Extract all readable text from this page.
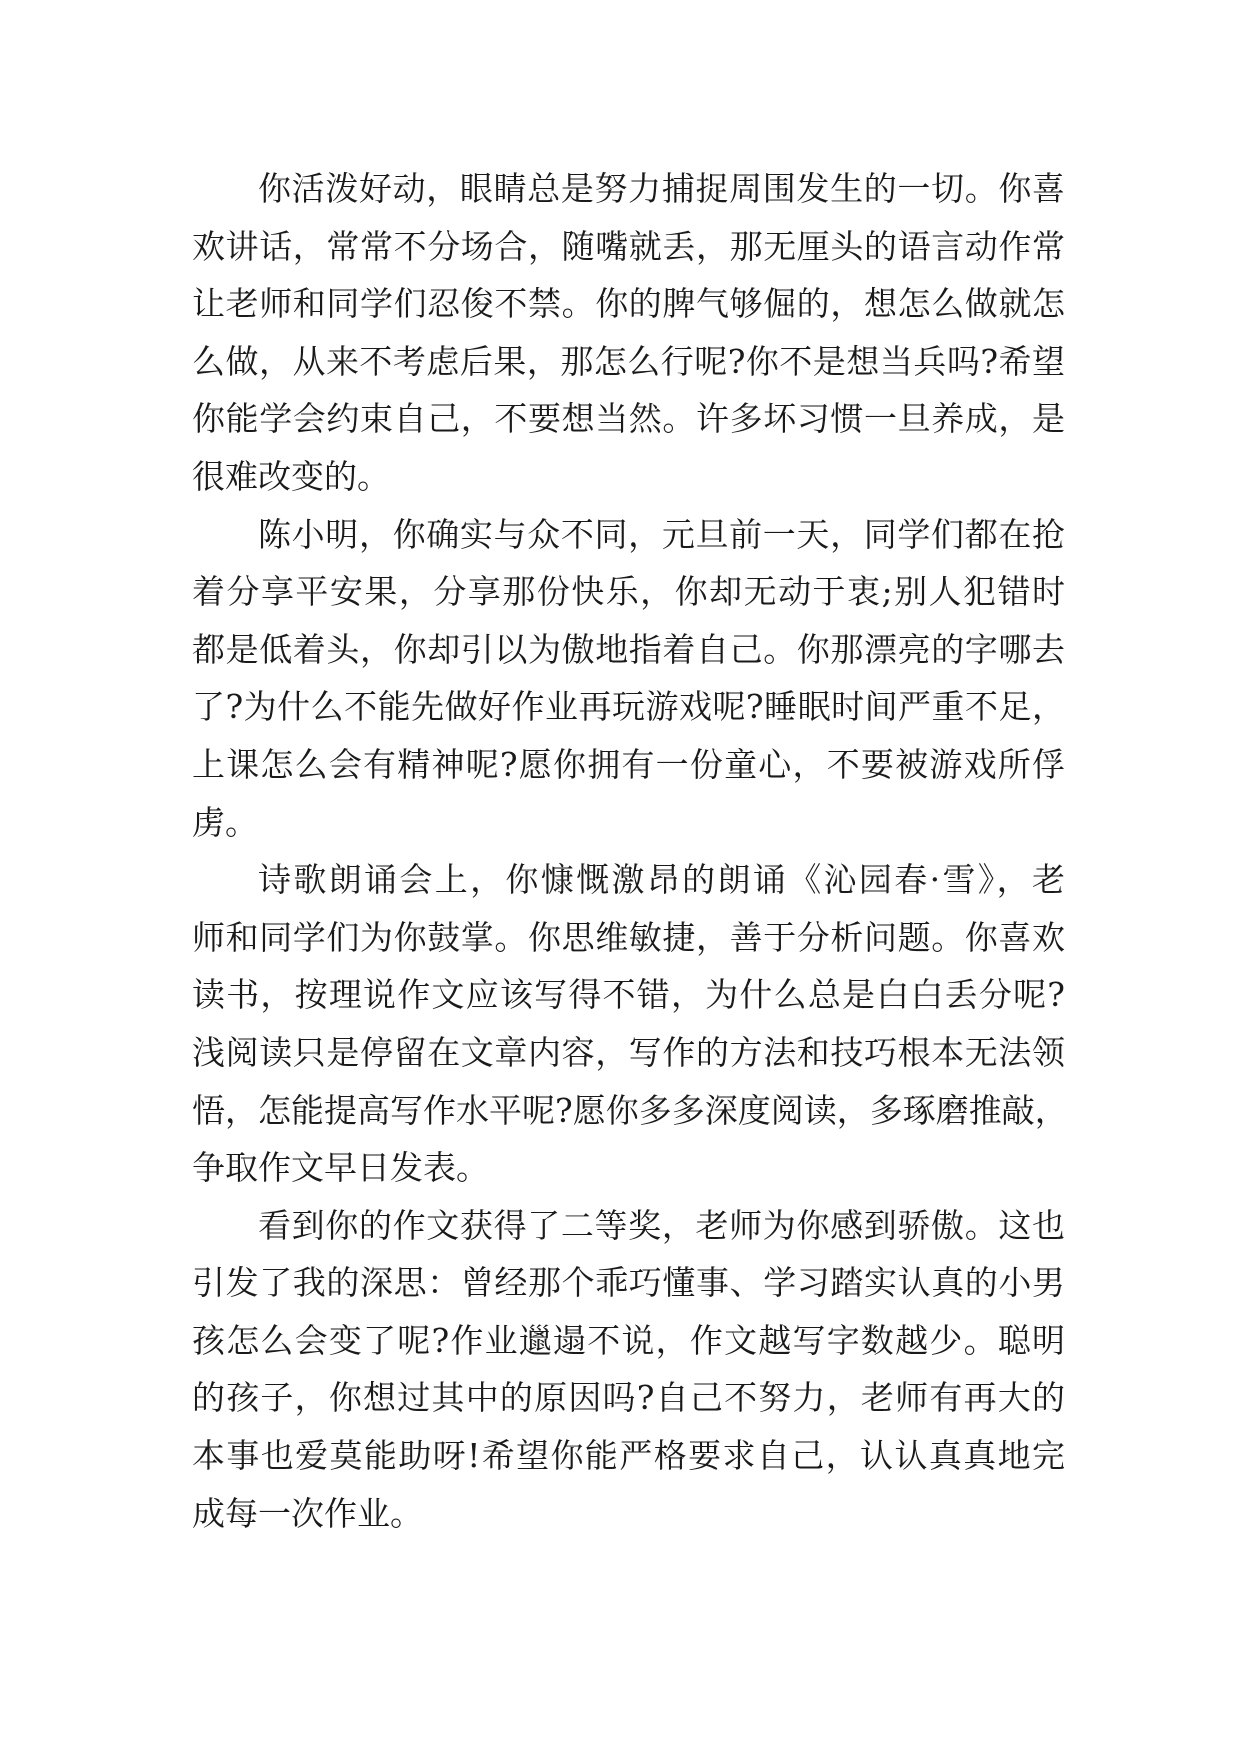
你活泼好动，眼睛总是努力捕捉周围发生的一切。你喜
欢讲话，常常不分场合，随嘴就丢，那无厘头的语言动作常
让老师和同学们忍俊不禁。你的脾气够倔的，想怎么做就怎
么做，从来不考虑后果，那怎么行呢?你不是想当兵吗?希望
你能学会约束自己，不要想当然。许多坏习惯一旦养成，是
很难改变的。
陈小明，你确实与众不同，元旦前一天，同学们都在抢
着分享平安果，分享那份快乐，你却无动于衷;别人犯错时
都是低着头，你却引以为傲地指着自己。你那漂亮的字哪去
了?为什么不能先做好作业再玩游戏呢?睡眠时间严重不足，
上课怎么会有精神呢?愿你拥有一份童心，不要被游戏所俘
虏。
诗歌朗诵会上，你慷慨激昂的朗诵《沁园春·雪》，老
师和同学们为你鼓掌。你思维敏捷，善于分析问题。你喜欢
读书，按理说作文应该写得不错，为什么总是白白丢分呢?
浅阅读只是停留在文章内容，写作的方法和技巧根本无法领
悟，怎能提高写作水平呢?愿你多多深度阅读，多琢磨推敲，
争取作文早日发表。
看到你的作文获得了二等奖，老师为你感到骄傲。这也
引发了我的深思：曾经那个乖巧懂事、学习踏实认真的小男
孩怎么会变了呢?作业邋遢不说，作文越写字数越少。聪明
的孩子，你想过其中的原因吗?自己不努力，老师有再大的
本事也爱莫能助呀!希望你能严格要求自己，认认真真地完
成每一次作业。
